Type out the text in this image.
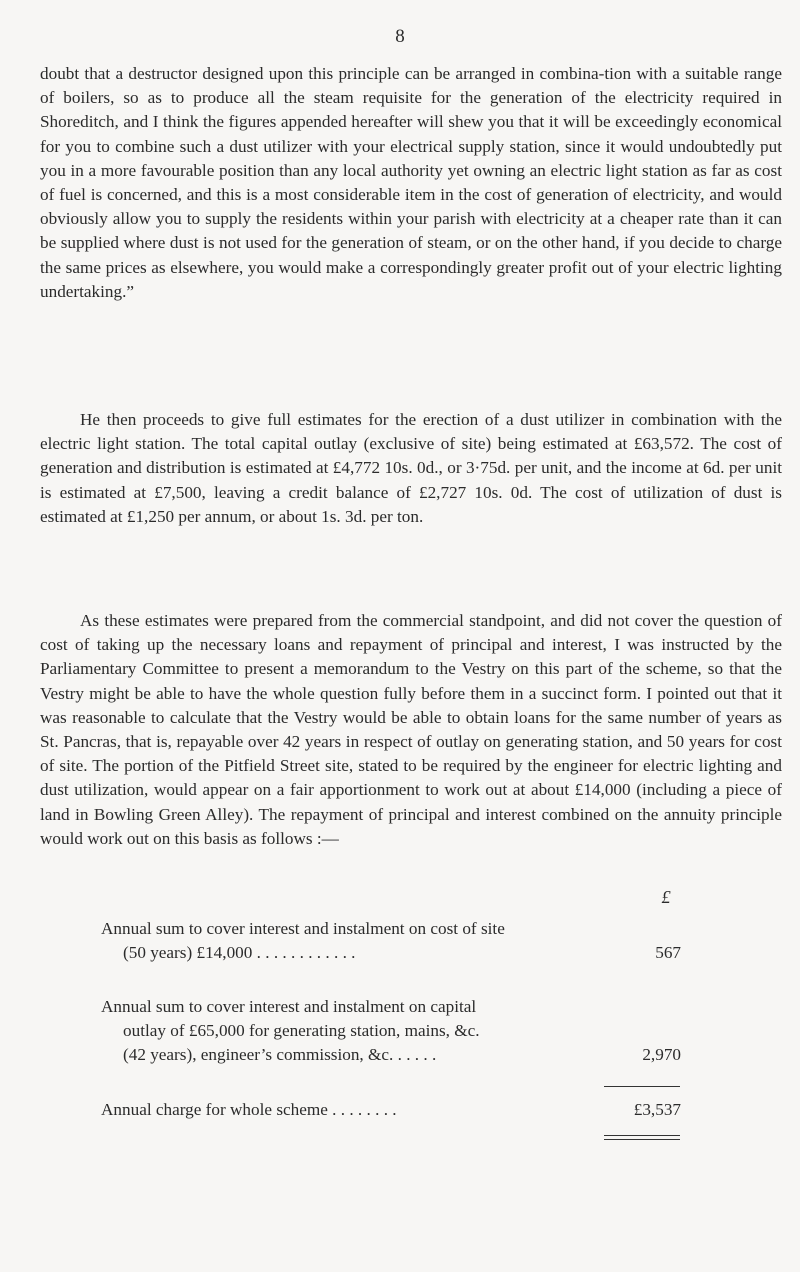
8

doubt that a destructor designed upon this principle can be arranged in combina-tion with a suitable range of boilers, so as to produce all the steam requisite for the generation of the electricity required in Shoreditch, and I think the figures appended hereafter will shew you that it will be exceedingly economical for you to combine such a dust utilizer with your electrical supply station, since it would undoubtedly put you in a more favourable position than any local authority yet owning an electric light station as far as cost of fuel is concerned, and this is a most considerable item in the cost of generation of electricity, and would obviously allow you to supply the residents within your parish with electricity at a cheaper rate than it can be supplied where dust is not used for the generation of steam, or on the other hand, if you decide to charge the same prices as elsewhere, you would make a correspondingly greater profit out of your electric lighting undertaking.”

He then proceeds to give full estimates for the erection of a dust utilizer in combination with the electric light station. The total capital outlay (exclusive of site) being estimated at £63,572. The cost of generation and distribution is estimated at £4,772 10s. 0d., or 3·75d. per unit, and the income at 6d. per unit is estimated at £7,500, leaving a credit balance of £2,727 10s. 0d. The cost of utilization of dust is estimated at £1,250 per annum, or about 1s. 3d. per ton.

As these estimates were prepared from the commercial standpoint, and did not cover the question of cost of taking up the necessary loans and repayment of principal and interest, I was instructed by the Parliamentary Committee to present a memorandum to the Vestry on this part of the scheme, so that the Vestry might be able to have the whole question fully before them in a succinct form. I pointed out that it was reasonable to calculate that the Vestry would be able to obtain loans for the same number of years as St. Pancras, that is, repayable over 42 years in respect of outlay on generating station, and 50 years for cost of site. The portion of the Pitfield Street site, stated to be required by the engineer for electric lighting and dust utilization, would appear on a fair apportionment to work out at about £14,000 (including a piece of land in Bowling Green Alley). The repayment of principal and interest combined on the annuity principle would work out on this basis as follows :—

£
Annual sum to cover interest and instalment on cost of site
(50 years) £14,000 . . . . . . . . . . . .	567
Annual sum to cover interest and instalment on capital
outlay of £65,000 for generating station, mains, &c.
(42 years), engineer’s commission, &c. . . . . .	2,970
Annual charge for whole scheme . . . . . . . .	£3,537
